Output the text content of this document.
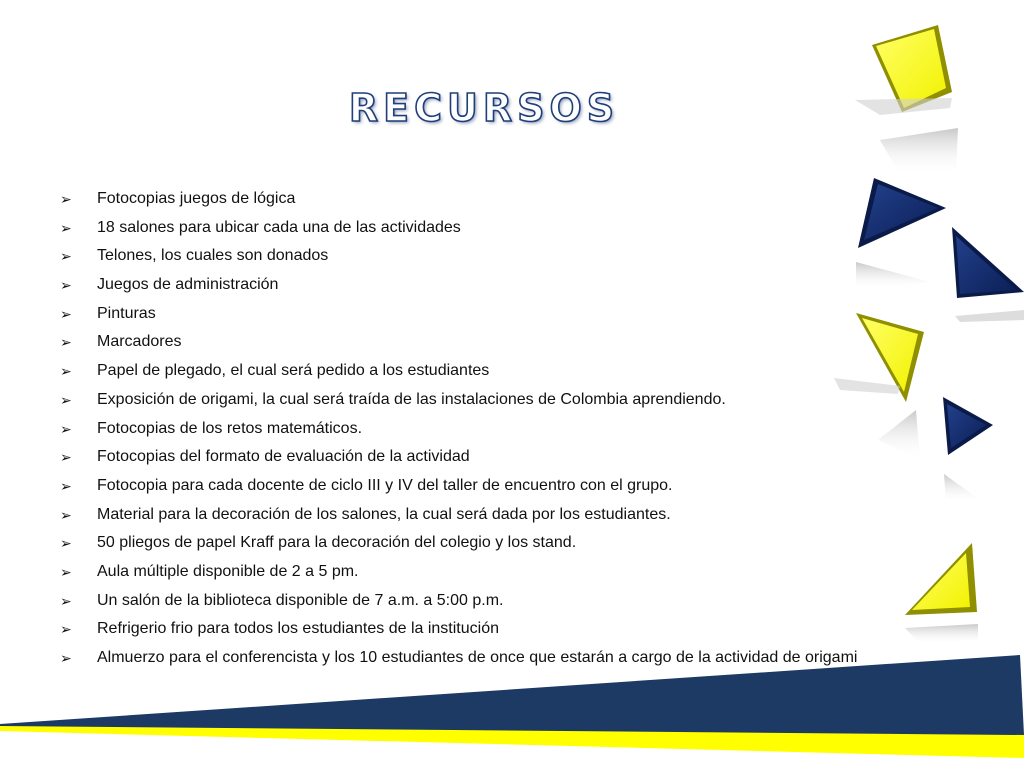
RECURSOS
➢ Fotocopias juegos de lógica
➢ 18 salones para ubicar cada una de las actividades
➢ Telones, los cuales son donados
➢ Juegos de administración
➢ Pinturas
➢ Marcadores
➢ Papel de plegado, el cual será pedido a los estudiantes
➢ Exposición de origami, la cual será traída de las instalaciones de Colombia aprendiendo.
➢ Fotocopias de los retos matemáticos.
➢ Fotocopias del formato de evaluación de la actividad
➢ Fotocopia para cada docente de ciclo III y IV del taller de encuentro con el grupo.
➢ Material para la decoración de los salones, la cual será dada por los estudiantes.
➢ 50 pliegos de papel Kraff para la decoración del colegio y los stand.
➢ Aula múltiple disponible de 2 a 5 pm.
➢ Un salón de la biblioteca disponible de 7 a.m. a 5:00 p.m.
➢ Refrigerio frio para todos los estudiantes de la institución
➢ Almuerzo para el conferencista y los 10 estudiantes de once que estarán a cargo de la actividad de origami
